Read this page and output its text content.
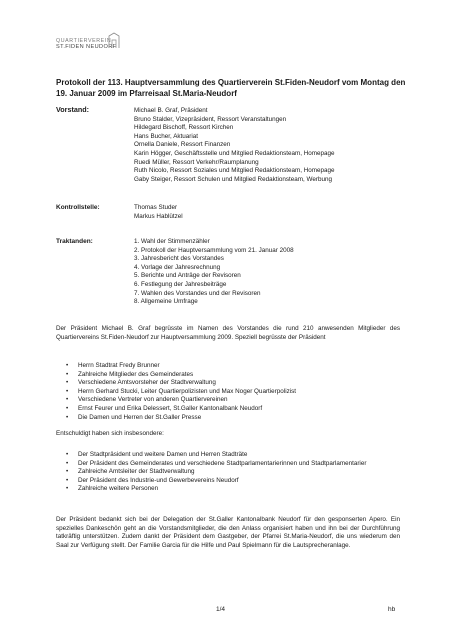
QUARTIERVEREIN
ST.FIDEN NEUDORF
Protokoll der 113. Hauptversammlung des Quartierverein St.Fiden-Neudorf vom Montag den 19. Januar 2009 im Pfarreisaal St.Maria-Neudorf
Vorstand:	Michael B. Graf, Präsident
Bruno Stalder, Vizepräsident, Ressort Veranstaltungen
Hildegard Bischoff, Ressort Kirchen
Hans Bucher, Aktuariat
Ornella Daniele, Ressort Finanzen
Karin Högger, Geschäftsstelle und Mitglied Redaktionsteam, Homepage
Ruedi Müller, Ressort Verkehr/Raumplanung
Ruth Nicolo, Ressort Soziales und Mitglied Redaktionsteam, Homepage
Gaby Steiger, Ressort Schulen und Mitglied Redaktionsteam, Werbung
Kontrollstelle:	Thomas Studer
Markus Hablützel
Traktanden:	1. Wahl der Stimmenzähler
2. Protokoll der Hauptversammlung vom 21. Januar 2008
3. Jahresbericht des Vorstandes
4. Vorlage der Jahresrechnung
5. Berichte und Anträge der Revisoren
6. Festlegung der Jahresbeiträge
7. Wahlen des Vorstandes und der Revisoren
8. Allgemeine Umfrage
Der Präsident Michael B. Graf begrüsste im Namen des Vorstandes die rund 210 anwesenden Mitglieder des Quartiervereins St.Fiden-Neudorf zur Hauptversammlung 2009. Speziell begrüsste der Präsident
• Herrn Stadtrat Fredy Brunner
• Zahlreiche Mitglieder des Gemeinderates
• Verschiedene Amtsvorsteher der Stadtverwaltung
• Herrn Gerhard Stucki, Leiter Quartierpolizisten und Max Noger Quartierpolizist
• Verschiedene Vertreter von anderen Quartiervereinen
• Ernst Feurer und Erika Delessert, St.Galler Kantonalbank Neudorf
• Die Damen und Herren der St.Galler Presse
Entschuldigt haben sich insbesondere:
• Der Stadtpräsident und weitere Damen und Herren Stadträte
• Der Präsident des Gemeinderates und verschiedene Stadtparlamentarierinnen und Stadtparlamentarier
• Zahlreiche Amtsleiter der Stadtverwaltung
• Der Präsident des Industrie-und Gewerbevereins Neudorf
• Zahlreiche weitere Personen
Der Präsident bedankt sich bei der Delegation der St.Galler Kantonalbank Neudorf für den gesponserten Apero. Ein spezielles Dankeschön geht an die Vorstandsmitglieder, die den Anlass organisiert haben und ihn bei der Durchführung tatkräftig unterstützen. Zudem dankt der Präsident dem Gastgeber, der Pfarrei St.Maria-Neudorf, die uns wiederum den Saal zur Verfügung stellt. Der Familie Garcia für die Hilfe und Paul Spielmann für die Lautsprecheranlage.
1/4	hb
